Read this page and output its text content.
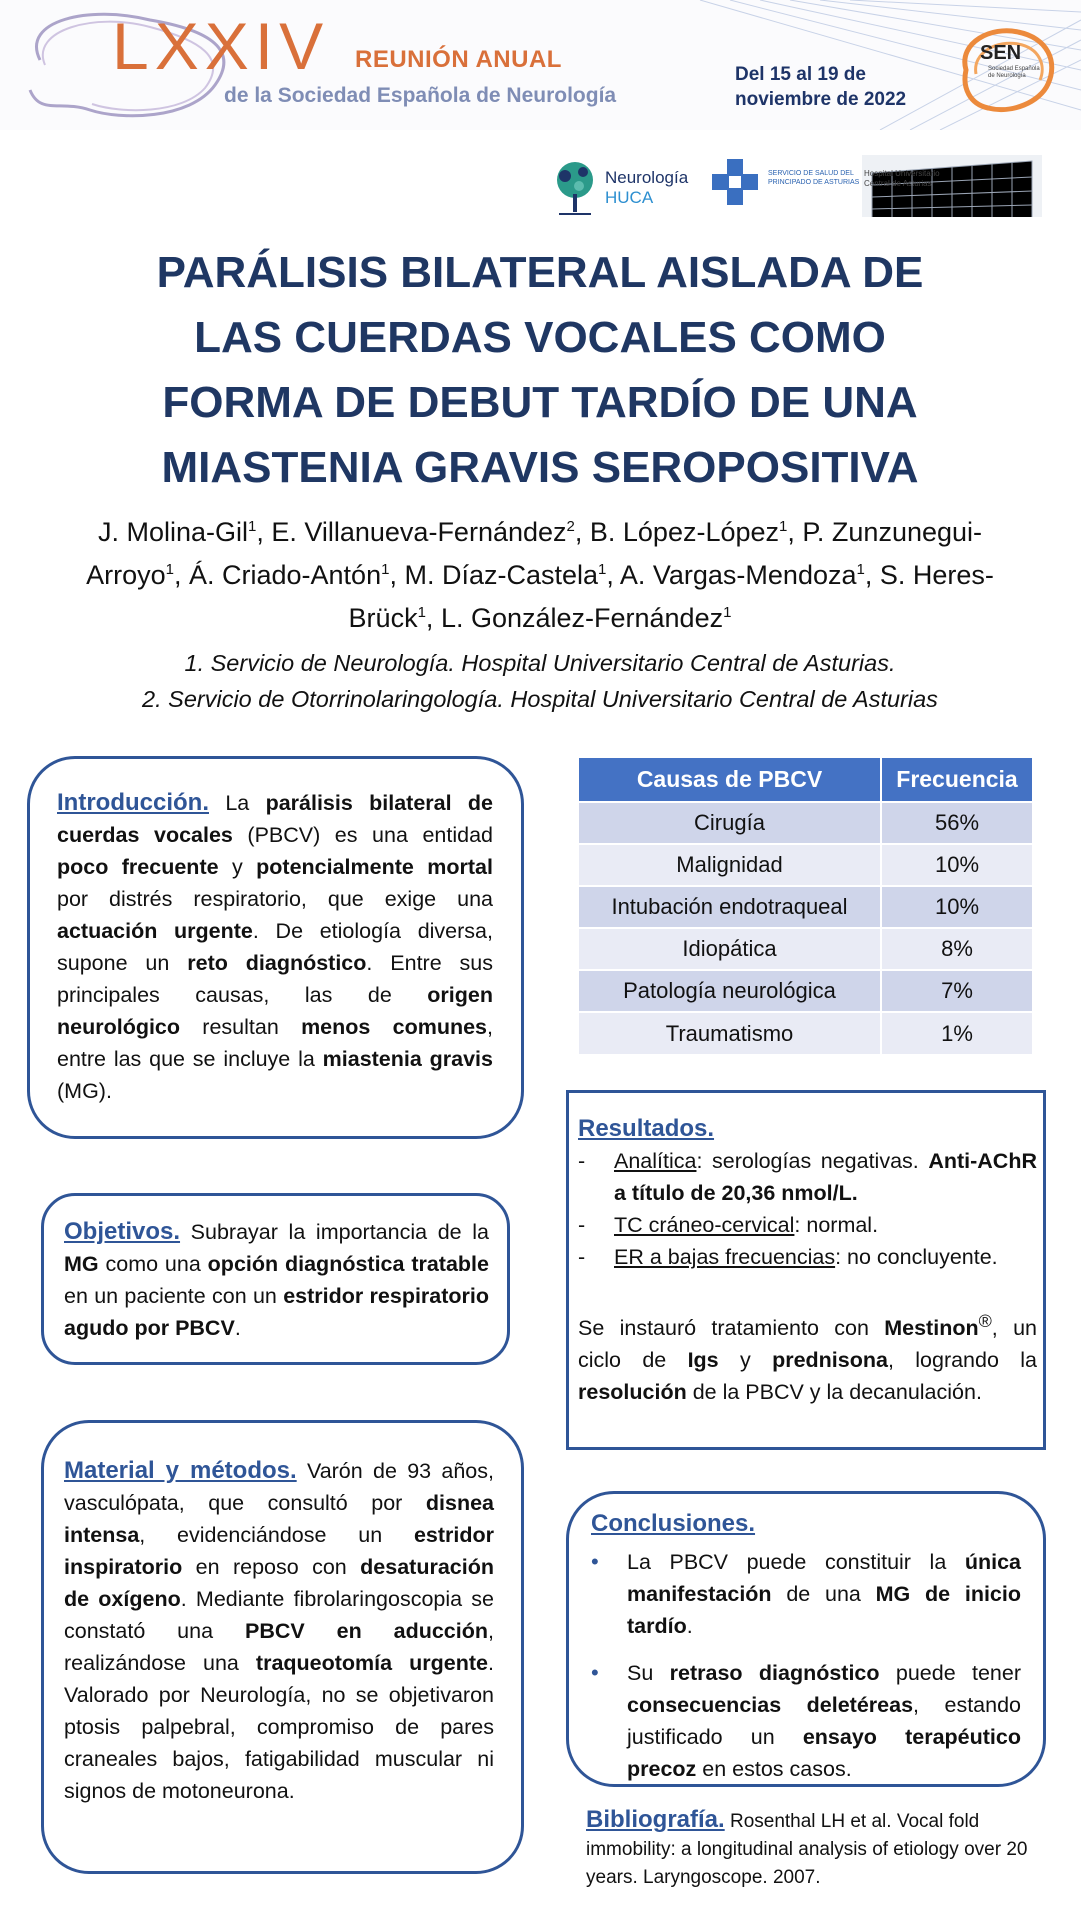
LXXIV REUNIÓN ANUAL
de la Sociedad Española de Neurología
Del 15 al 19 de
noviembre de 2022
SEN
Sociedad Española de Neurología
Neurología
HUCA
SERVICIO DE SALUD DEL PRINCIPADO DE ASTURIAS
Hospital Universitario Central de Asturias
PARÁLISIS BILATERAL AISLADA DE
LAS CUERDAS VOCALES COMO
FORMA DE DEBUT TARDÍO DE UNA
MIASTENIA GRAVIS SEROPOSITIVA
J. Molina-Gil$^1$, E. Villanueva-Fernández$^2$, B. López-López$^1$, P. Zunzunegui-Arroyo$^1$, Á. Criado-Antón$^1$, M. Díaz-Castela$^1$, A. Vargas-Mendoza$^1$, S. Heres-Brück$^1$, L. González-Fernández$^1$
1. Servicio de Neurología. Hospital Universitario Central de Asturias.
2. Servicio de Otorrinolaringología. Hospital Universitario Central de Asturias
Introducción. La parálisis bilateral de cuerdas vocales (PBCV) es una entidad poco frecuente y potencialmente mortal por distrés respiratorio, que exige una actuación urgente. De etiología diversa, supone un reto diagnóstico. Entre sus principales causas, las de origen neurológico resultan menos comunes, entre las que se incluye la miastenia gravis (MG).
Objetivos. Subrayar la importancia de la MG como una opción diagnóstica tratable en un paciente con un estridor respiratorio agudo por PBCV.
Material y métodos. Varón de 93 años, vasculópata, que consultó por disnea intensa, evidenciándose un estridor inspiratorio en reposo con desaturación de oxígeno. Mediante fibrolaringoscopia se constató una PBCV en aducción, realizándose una traqueotomía urgente. Valorado por Neurología, no se objetivaron ptosis palpebral, compromiso de pares craneales bajos, fatigabilidad muscular ni signos de motoneurona.
Causas de PBCV	Frecuencia
Cirugía	56%
Malignidad	10%
Intubación endotraqueal	10%
Idiopática	8%
Patología neurológica	7%
Traumatismo	1%
Resultados.
- Analítica: serologías negativas. Anti-AChR a título de 20,36 nmol/L.
- TC cráneo-cervical: normal.
- ER a bajas frecuencias: no concluyente.
Se instauró tratamiento con Mestinon®, un ciclo de Igs y prednisona, logrando la resolución de la PBCV y la decanulación.
Conclusiones.
• La PBCV puede constituir la única manifestación de una MG de inicio tardío.
• Su retraso diagnóstico puede tener consecuencias deletéreas, estando justificado un ensayo terapéutico precoz en estos casos.
Bibliografía. Rosenthal LH et al. Vocal fold immobility: a longitudinal analysis of etiology over 20 years. Laryngoscope. 2007.
